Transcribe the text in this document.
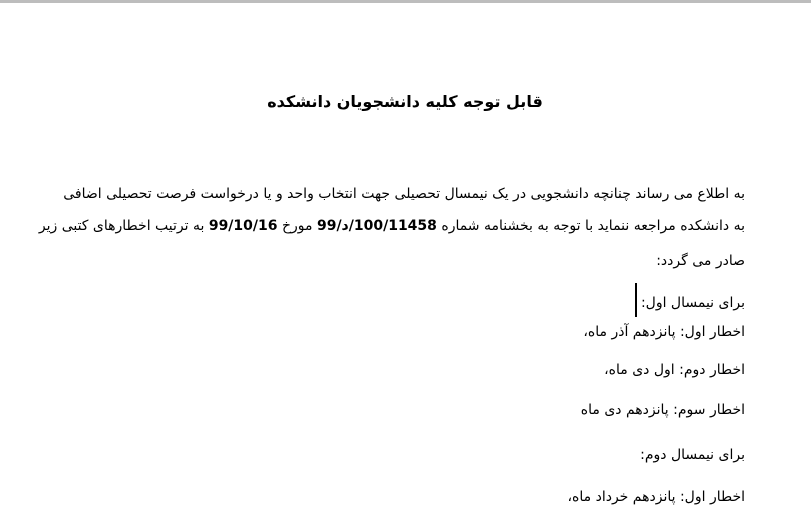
قابل توجه کلیه دانشجویان دانشکده
به اطلاع می رساند چنانچه دانشجویی در یک نیمسال تحصیلی جهت انتخاب واحد و یا درخواست فرصت تحصیلی اضافی
به دانشکده مراجعه ننماید با توجه به بخشنامه شماره 100/11458/د/99 مورخ 99/10/16 به ترتیب اخطارهای کتبی زیر
صادر می گردد:
برای نیمسال اول:
اخطار اول: پانزدهم آذر ماه،
اخطار دوم: اول دی ماه،
اخطار سوم: پانزدهم دی ماه
برای نیمسال دوم:
اخطار اول: پانزدهم خرداد ماه،
